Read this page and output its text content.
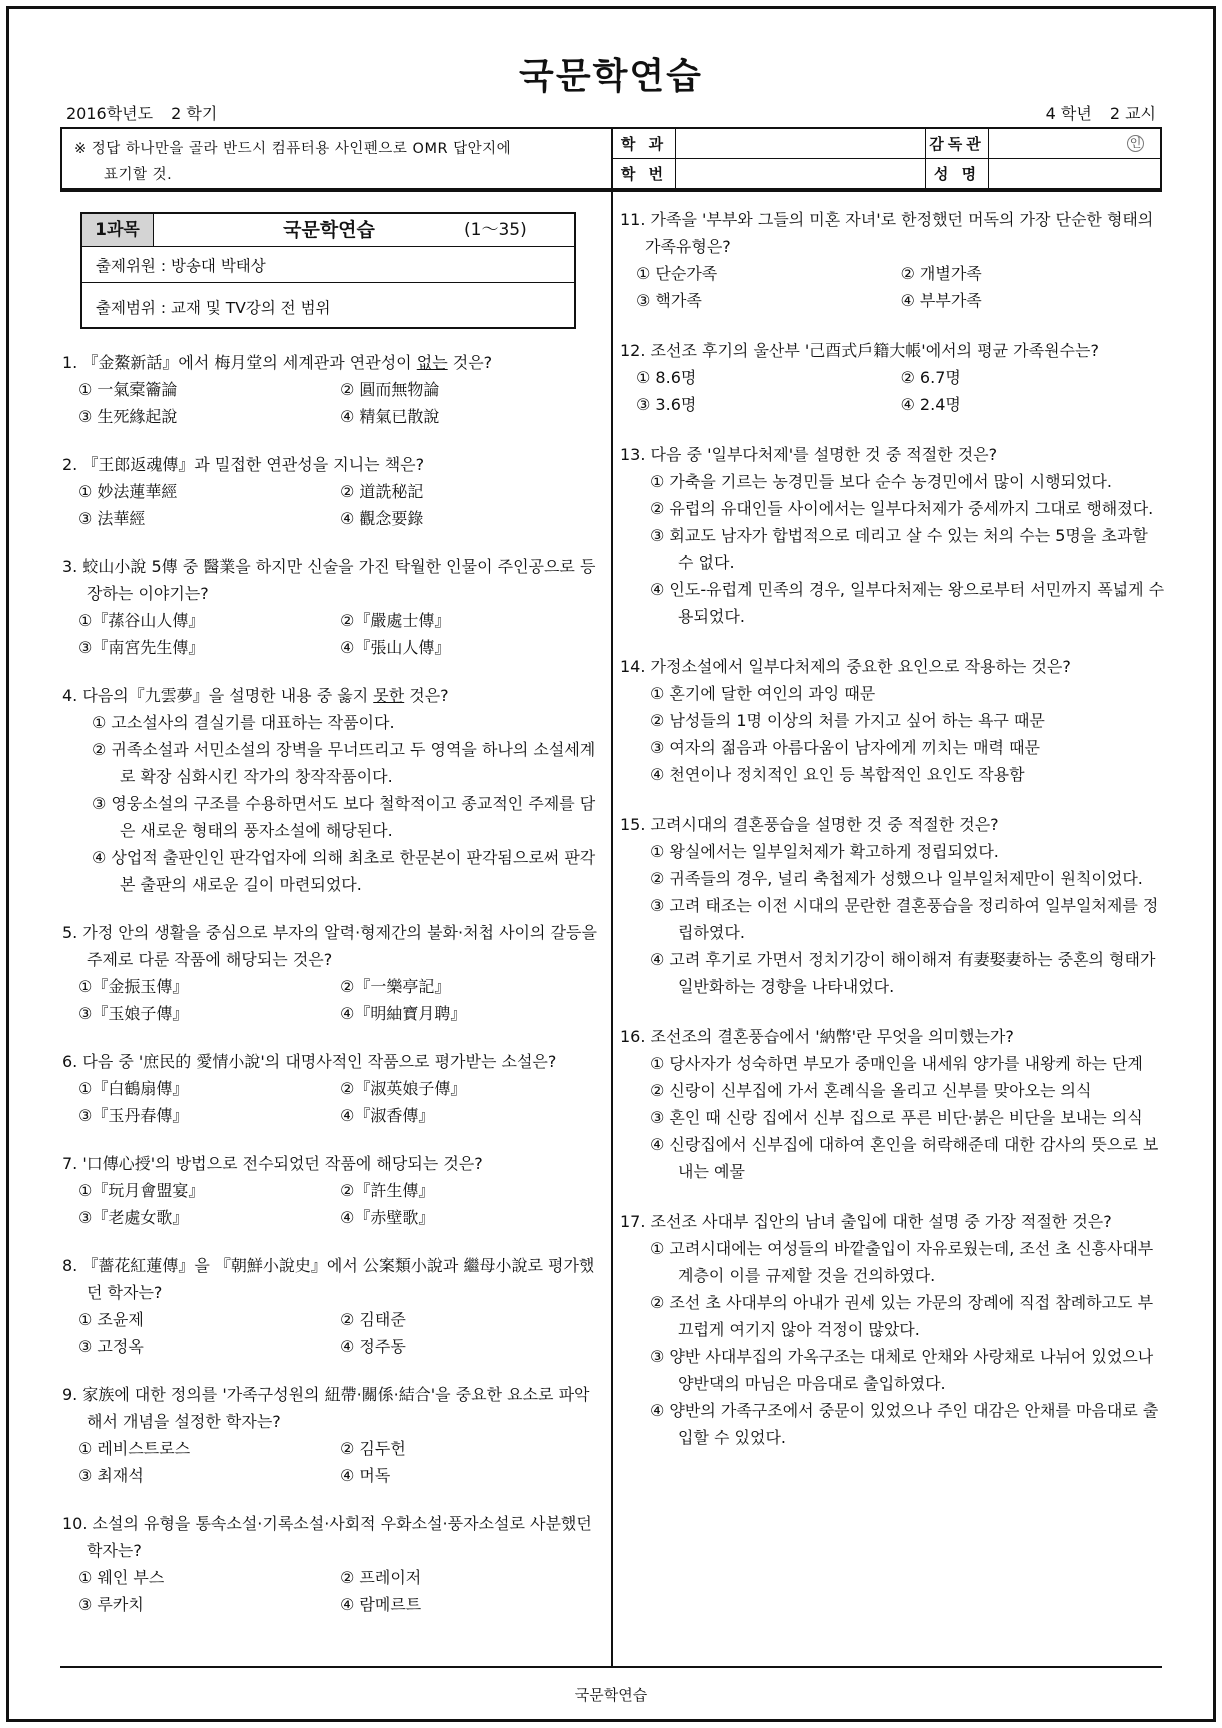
국문학연습
2016학년도 2 학기	4 학년 2 교시
※ 정답 하나만을 골라 반드시 컴퓨터용 사인펜으로 OMR 답안지에
표기할 것.
학 과	감독관	인
학 번	성 명
1과목	국문학연습	(1～35)
출제위원 : 방송대 박태상
출제범위 : 교재 및 TV강의 전 범위
1. 『金鰲新話』에서 梅月堂의 세계관과 연관성이 없는 것은?
① 一氣槖籥論	② 圓而無物論
③ 生死緣起說	④ 精氣已散說
2. 『王郎返魂傳』과 밀접한 연관성을 지니는 책은?
① 妙法蓮華經	② 道詵秘記
③ 法華經	④ 觀念要錄
3. 蛟山小說 5傳 중 醫業을 하지만 신술을 가진 탁월한 인물이 주인공으로 등장하는 이야기는?
①『蓀谷山人傳』	②『嚴處士傳』
③『南宮先生傳』	④『張山人傳』
4. 다음의『九雲夢』을 설명한 내용 중 옳지 못한 것은?
① 고소설사의 결실기를 대표하는 작품이다.
② 귀족소설과 서민소설의 장벽을 무너뜨리고 두 영역을 하나의 소설세계로 확장 심화시킨 작가의 창작작품이다.
③ 영웅소설의 구조를 수용하면서도 보다 철학적이고 종교적인 주제를 담은 새로운 형태의 풍자소설에 해당된다.
④ 상업적 출판인인 판각업자에 의해 최초로 한문본이 판각됨으로써 판각본 출판의 새로운 길이 마련되었다.
5. 가정 안의 생활을 중심으로 부자의 알력·형제간의 불화·처첩 사이의 갈등을 주제로 다룬 작품에 해당되는 것은?
①『金振玉傳』	②『一樂亭記』
③『玉娘子傳』	④『明紬寶月聘』
6. 다음 중 '庶民的 愛情小說'의 대명사적인 작품으로 평가받는 소설은?
①『白鶴扇傳』	②『淑英娘子傳』
③『玉丹春傳』	④『淑香傳』
7. '口傳心授'의 방법으로 전수되었던 작품에 해당되는 것은?
①『玩月會盟宴』	②『許生傳』
③『老處女歌』	④『赤壁歌』
8. 『薔花紅蓮傳』을 『朝鮮小說史』에서 公案類小說과 繼母小說로 평가했던 학자는?
① 조윤제	② 김태준
③ 고정옥	④ 정주동
9. 家族에 대한 정의를 '가족구성원의 紐帶·關係·結合'을 중요한 요소로 파악해서 개념을 설정한 학자는?
① 레비스트로스	② 김두헌
③ 최재석	④ 머독
10. 소설의 유형을 통속소설·기록소설·사회적 우화소설·풍자소설로 사분했던 학자는?
① 웨인 부스	② 프레이저
③ 루카치	④ 람메르트
11. 가족을 '부부와 그들의 미혼 자녀'로 한정했던 머독의 가장 단순한 형태의 가족유형은?
① 단순가족	② 개별가족
③ 핵가족	④ 부부가족
12. 조선조 후기의 울산부 '己酉式戶籍大帳'에서의 평균 가족원수는?
① 8.6명	② 6.7명
③ 3.6명	④ 2.4명
13. 다음 중 '일부다처제'를 설명한 것 중 적절한 것은?
① 가축을 기르는 농경민들 보다 순수 농경민에서 많이 시행되었다.
② 유럽의 유대인들 사이에서는 일부다처제가 중세까지 그대로 행해졌다.
③ 회교도 남자가 합법적으로 데리고 살 수 있는 처의 수는 5명을 초과할 수 없다.
④ 인도-유럽계 민족의 경우, 일부다처제는 왕으로부터 서민까지 폭넓게 수용되었다.
14. 가정소설에서 일부다처제의 중요한 요인으로 작용하는 것은?
① 혼기에 달한 여인의 과잉 때문
② 남성들의 1명 이상의 처를 가지고 싶어 하는 욕구 때문
③ 여자의 젊음과 아름다움이 남자에게 끼치는 매력 때문
④ 천연이나 정치적인 요인 등 복합적인 요인도 작용함
15. 고려시대의 결혼풍습을 설명한 것 중 적절한 것은?
① 왕실에서는 일부일처제가 확고하게 정립되었다.
② 귀족들의 경우, 널리 축첩제가 성했으나 일부일처제만이 원칙이었다.
③ 고려 태조는 이전 시대의 문란한 결혼풍습을 정리하여 일부일처제를 정립하였다.
④ 고려 후기로 가면서 정치기강이 해이해져 有妻娶妻하는 중혼의 형태가 일반화하는 경향을 나타내었다.
16. 조선조의 결혼풍습에서 '納幣'란 무엇을 의미했는가?
① 당사자가 성숙하면 부모가 중매인을 내세워 양가를 내왕케 하는 단계
② 신랑이 신부집에 가서 혼례식을 올리고 신부를 맞아오는 의식
③ 혼인 때 신랑 집에서 신부 집으로 푸른 비단·붉은 비단을 보내는 의식
④ 신랑집에서 신부집에 대하여 혼인을 허락해준데 대한 감사의 뜻으로 보내는 예물
17. 조선조 사대부 집안의 남녀 출입에 대한 설명 중 가장 적절한 것은?
① 고려시대에는 여성들의 바깥출입이 자유로웠는데, 조선 초 신흥사대부계층이 이를 규제할 것을 건의하였다.
② 조선 초 사대부의 아내가 권세 있는 가문의 장례에 직접 참례하고도 부끄럽게 여기지 않아 걱정이 많았다.
③ 양반 사대부집의 가옥구조는 대체로 안채와 사랑채로 나뉘어 있었으나 양반댁의 마님은 마음대로 출입하였다.
④ 양반의 가족구조에서 중문이 있었으나 주인 대감은 안채를 마음대로 출입할 수 있었다.
국문학연습
